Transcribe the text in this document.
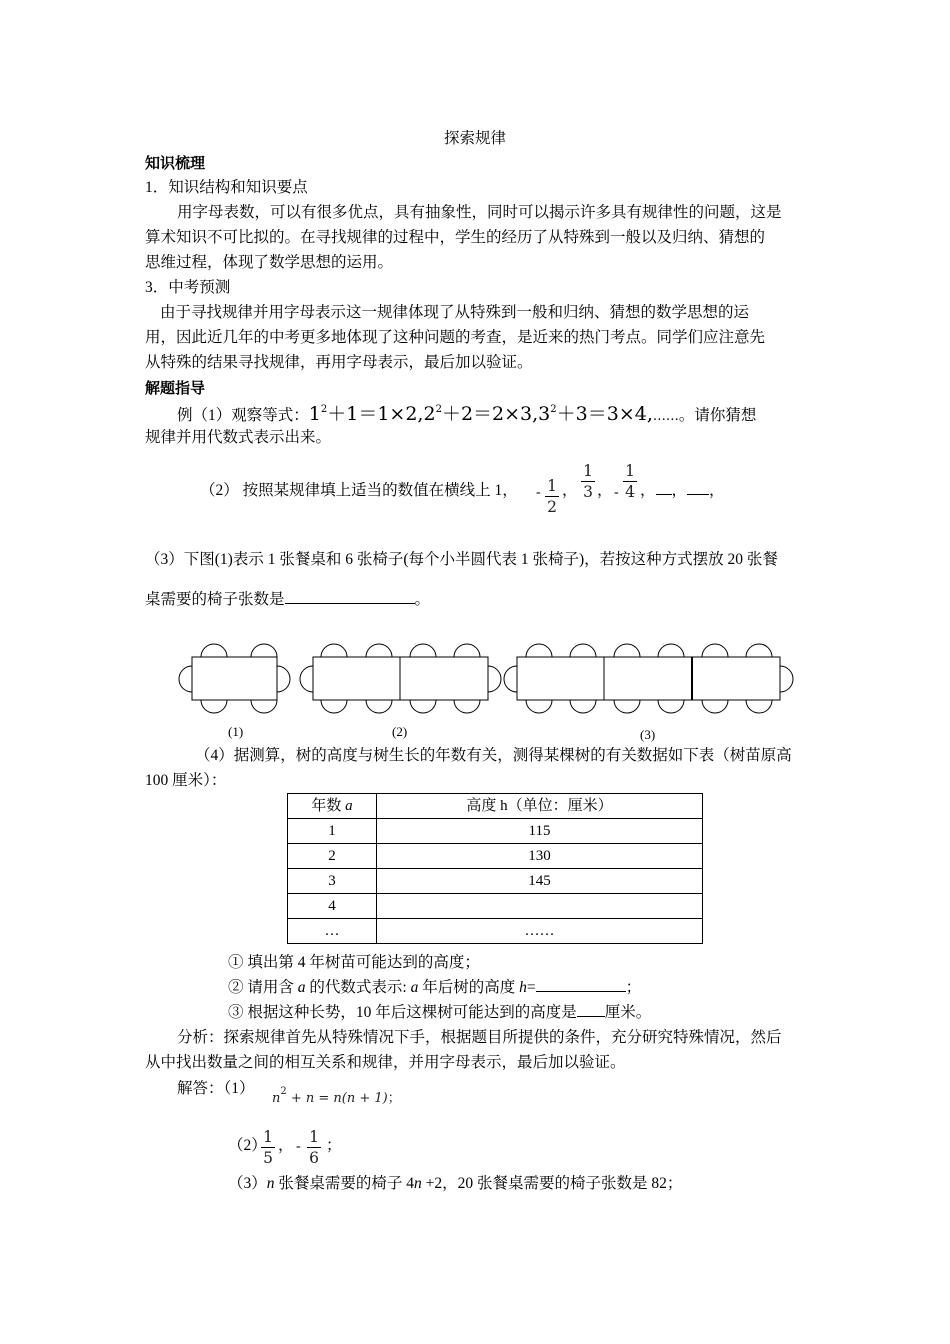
探索规律
知识梳理
1．知识结构和知识要点
用字母表数，可以有很多优点，具有抽象性，同时可以揭示许多具有规律性的问题，这是
算术知识不可比拟的。在寻找规律的过程中，学生的经历了从特殊到一般以及归纳、猜想的
思维过程，体现了数学思想的运用。
3．中考预测
由于寻找规律并用字母表示这一规律体现了从特殊到一般和归纳、猜想的数学思想的运
用，因此近几年的中考更多地体现了这种问题的考查，是近来的热门考点。同学们应注意先
从特殊的结果寻找规律，再用字母表示，最后加以验证。
解题指导
例（1）观察等式：$1^2+1=1\times 2,2^2+2=2\times 3,3^2+3=3\times 4,\dots\dots$。请你猜想
规律并用代数式表示出来。
（2） 按照某规律填上适当的数值在横线上 1， - 1
2
，
1
3 ， -
1
4 ， ， ，
（3）下图(1)表示 1 张餐桌和 6 张椅子(每个小半圆代表 1 张椅子)，若按这种方式摆放 20 张餐
桌需要的椅子张数是	。
(1)	(2)	(3)
（4）据测算，树的高度与树生长的年数有关，测得某棵树的有关数据如下表（树苗原高
100 厘米）：
年数 a	高度 h（单位：厘米）
1	115
2	130
3	145
4	
…	……
① 填出第 4 年树苗可能达到的高度；
② 请用含 a 的代数式表示: a 年后树的高度 h=	；
③ 根据这种长势，10 年后这棵树可能达到的高度是 厘米。
分析：探索规律首先从特殊情况下手，根据题目所提供的条件，充分研究特殊情况，然后
从中找出数量之间的相互关系和规律，并用字母表示，最后加以验证。
解答：（1）
$n^2 + n = n(n + 1)$；
（2）
1
5
， -
1
6
；
（3）n 张餐桌需要的椅子 4n +2，20 张餐桌需要的椅子张数是 82；
